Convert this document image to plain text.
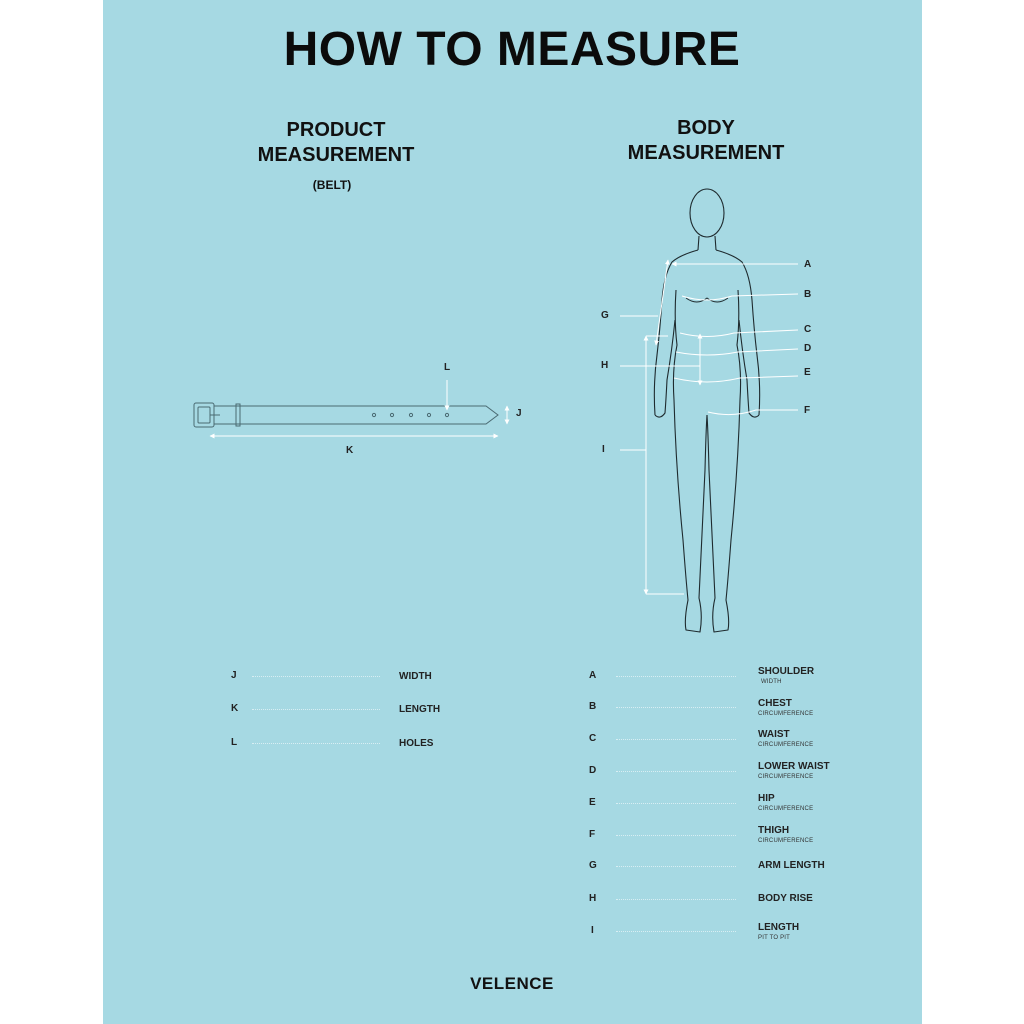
HOW TO MEASURE
PRODUCT
MEASUREMENT
(BELT)
BODY
MEASUREMENT
L
J
K
A
B
C
D
E
F
G
H
I
J	WIDTH
K	LENGTH
L	HOLES
A	SHOULDER
WIDTH
B	CHEST
CIRCUMFERENCE
C	WAIST
CIRCUMFERENCE
D	LOWER WAIST
CIRCUMFERENCE
E	HIP
CIRCUMFERENCE
F	THIGH
CIRCUMFERENCE
G	ARM LENGTH
H	BODY RISE
I	LENGTH
PIT TO PIT
VELENCE
